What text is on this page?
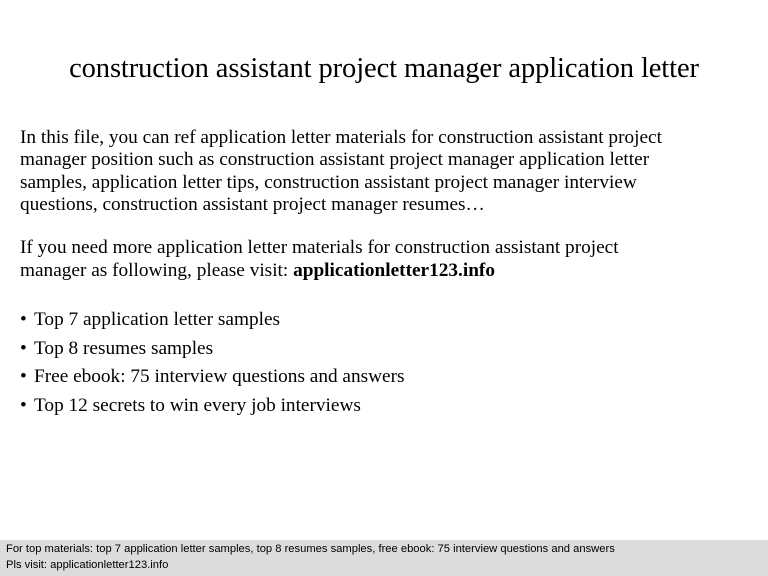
construction assistant project manager application letter
In this file, you can ref application letter materials for construction assistant project
manager position such as construction assistant project manager application letter
samples, application letter tips, construction assistant project manager interview
questions, construction assistant project manager resumes…
If you need more application letter materials for construction assistant project
manager as following, please visit: applicationletter123.info
• Top 7 application letter samples
• Top 8 resumes samples
• Free ebook: 75 interview questions and answers
• Top 12 secrets to win every job interviews
For top materials: top 7 application letter samples, top 8 resumes samples, free ebook: 75 interview questions and answers
Pls visit: applicationletter123.info
